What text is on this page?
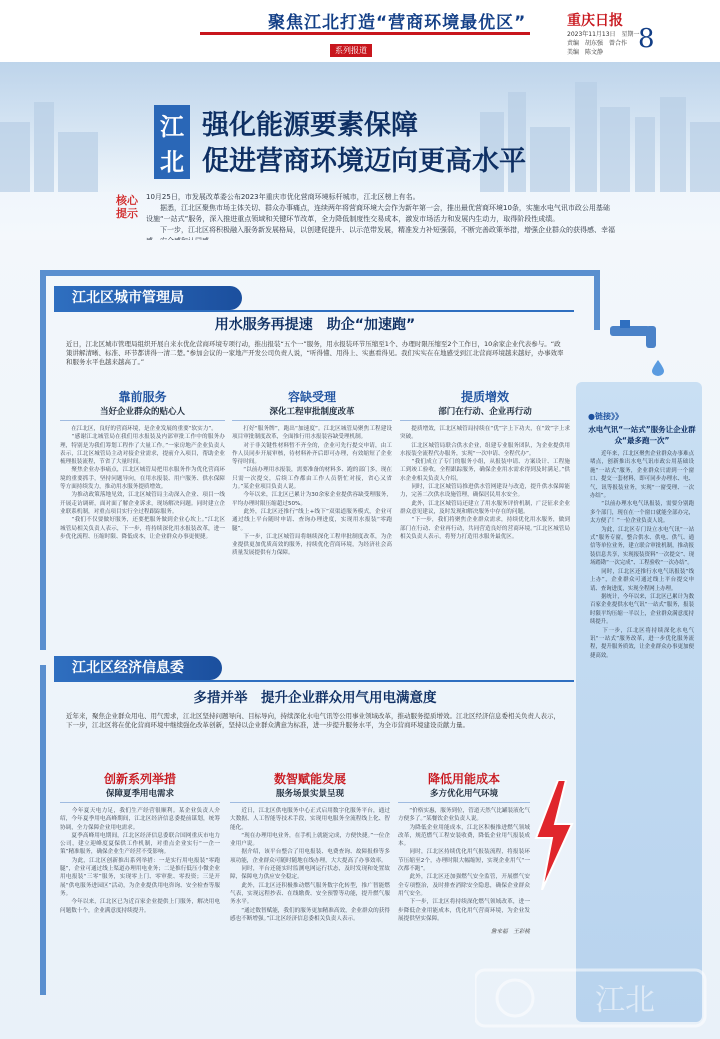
聚焦江北打造“营商环境最优区”
系列报道
重庆日报
2023年11月13日　星期一
责编　胡东强　曾合作
美编　陈文静	8
江
北
强化能源要素保障
促进营商环境迈向更高水平
核心提示
10月25日，市发展改革委公布2023年重庆市优化营商环境标杆城市，江北区榜上有名。
据悉，江北区聚焦市场主体关切、群众办事痛点，连续两年将营商环境大会作为新年第一会，推出最优营商环境10条，实施水电气讯市政公用基础设施“一站式”服务，深入推进重点领域和关键环节改革，全力降低制度性交易成本，激发市场活力和发展内生动力，取得阶段性成绩。
下一步，江北区将积极融入服务新发展格局，以创建促提升、以示范带发展，精准发力补短强弱，不断完善政策举措，增强企业群众的获得感、幸福
江北区城市管理局
用水服务再提速　助企“加速跑”
近日，江北区城市管理局组织开展自来水优化营商环境专项行动，推出报装“五个一”服务，用水报装环节压缩至1个、办理时限压缩至2个工作日，10余家企业代表参与。“政策讲解清晰、标准、环节都讲得一清二楚。”参加会议的一家地产开发公司负责人说，“听得懂、用得上、实惠看得见。我们实实在在地感受到江北营商环境越来越好，办事效率和服务水平也越来越高了。”
靠前服务
当好企业群众的贴心人
　　在江北区，良好的营商环境，是企业发展的重要“软实力”。
　　“感谢江北城管局在我们用水报装及内部审批工作中的服务办理，特别是为我们筹划工程作了大量工作。”一家房地产企业负责人表示，江北区城管局主动对接企业需求，提前介入项目，帮助企业梳理报装流程，节省了大量时间。
　　聚焦企业办事痛点，江北区城管局把用水服务作为优化营商环境的重要抓手，坚持问题导向，在用水报装、用户服务、供水保障等方面持续发力，推动用水服务提质增效。
　　为推动政策落地见效，江北区城管局主动深入企业、项目一线开展走访调研，面对面了解企业诉求，现场解决问题。同时建立企业联系机制，对重点项目实行全过程跟踪服务。
　　“我们不仅要做好服务，还要把服务做到企业心坎上。”江北区城管局相关负责人表示，下一步，将持续深化用水报装改革，进一步优化流程、压缩时限、降低成本，让企业群众办事更便捷。
容缺受理
深化工程审批制度改革
　　打好“服务牌”，跑出“加速度”。江北区城管局聚焦工程建设项目审批制度改革，全面推行用水报装容缺受理机制。
　　对于非关键性材料暂不齐全的，企业可先行提交申请，由工作人员同步开展审核，待材料补齐后即可办理，有效缩短了企业等待时间。
　　“以前办理用水报装，需要准备的材料多、跑的部门多，现在只需一次提交，后续工作都由工作人员帮忙对接，省心又省力。”某企业项目负责人说。
　　今年以来，江北区已累计为30余家企业提供容缺受理服务，平均办理时限压缩超过50%。
　　此外，江北区还推行“线上+线下”双渠道服务模式，企业可通过线上平台随时申请、查询办理进度，实现用水报装“零跑腿”。
　　下一步，江北区城管局将继续深化工程审批制度改革，为企业提供更加优质高效的服务，持续优化营商环境，为经济社会高质量发展提供有力保障。
提质增效
部门在行动、企业再行动
　　提质增效，江北区城管局持续在“优”字上下功夫，在“效”字上求突破。
　　江北区城管局联合供水企业，组建专业服务团队，为企业提供用水报装全流程代办服务，实现“一次申请、全程代办”。
　　“我们成立了专门的服务小组，从报装申请、方案设计、工程施工到竣工验收，全程跟踪服务，确保企业用水需求得到及时满足。”供水企业相关负责人介绍。
　　同时，江北区城管局推进供水管网建设与改造，提升供水保障能力，完善二次供水设施管理，确保居民用水安全。
　　此外，江北区城管局还建立了用水服务评价机制，广泛征求企业群众意见建议，及时发现和解决服务中存在的问题。
　　“下一步，我们将聚焦企业群众需求，持续优化用水服务，做到部门在行动、企业再行动，共同营造良好的营商环境。”江北区城管局相关负责人表示，将努力打造用水服务最优区。
江北区经济信息委
多措并举　提升企业群众用气用电满意度
近年来，聚焦企业群众用电、用气需求，江北区坚持问题导向、目标导向，持续深化水电气讯等公用事业领域改革，推动服务提质增效。江北区经济信息委相关负责人表示，下一步，江北区将在优化营商环境中继续强化改革创新，坚持以企业群众满意为标准，进一步提升服务水平，为全市营商环境建设贡献力量。
创新系列举措
保障夏季用电需求
　　今年夏天电力足，我们生产经营很顺利。某企业负责人介绍，今年夏季用电高峰期间，江北区经济信息委提前谋划，统筹协调，全力保障企业用电需求。
　　夏季高峰用电期间，江北区经济信息委联合国网重庆市电力公司，建立迎峰度夏保供工作机制，对重点企业实行“一企一策”精准服务，确保企业生产经营不受影响。
　　为此，江北区创新推出系列举措：一是实行用电报装“零跑腿”，企业可通过线上渠道办理用电业务；二是推行低压小微企业用电报装“三零”服务，实现零上门、零审批、零投资；三是开展“供电服务进园区”活动，为企业提供用电咨询、安全检查等服务。
　　今年以来，江北区已为近百家企业提供上门服务，解决用电问题数十个，企业满意度持续提升。
数智赋能发展
服务场景实景呈现
　　近日，江北区供电服务中心正式启用数字化服务平台，通过大数据、人工智能等技术手段，实现用电服务全流程线上化、智能化。
　　“现在办理用电业务，在手机上就能完成，方便快捷。”一位企业用户说。
　　据介绍，该平台整合了用电报装、电费查询、故障报修等多项功能，企业群众可随时随地在线办理，大大提高了办事效率。
　　同时，平台还能实时监测电网运行状态，及时发现和处置故障，保障电力供应安全稳定。
　　此外，江北区还积极推动燃气服务数字化转型，推广智能燃气表，实现远程抄表、在线缴费、安全预警等功能，提升燃气服务水平。
　　“通过数智赋能，我们的服务更加精准高效，企业群众的获得感也不断增强。”江北区经济信息委相关负责人表示。
降低用能成本
多方优化用气环境
　　“价格实惠，服务到位，管道天然气比罐装液化气方便多了。”某餐饮企业负责人说。
　　为降低企业用能成本，江北区积极推进燃气领域改革，规范燃气工程安装收费，降低企业用气报装成本。
　　同时，江北区持续优化用气报装流程，将报装环节压缩至2个，办理时限大幅缩短，实现企业用气“一次都不跑”。
　　此外，江北区还加强燃气安全监管，开展燃气安全专项整治，及时排查消除安全隐患，确保企业群众用气安全。
　　下一步，江北区将持续深化燃气领域改革，进一步降低企业用能成本，优化用气营商环境，为企业发展提供坚实保障。
詹来福　王彩桃
●链接》》
水电气讯“一站式”服务让企业群众“最多跑一次”
　　近年来，江北区聚焦企业群众办事难点堵点，创新推出水电气讯市政公用基础设施“一站式”服务，企业群众只需到一个窗口、提交一套材料，即可同步办理水、电、气、讯等报装业务，实现“一窗受理、一次办结”。
　　“以前办理水电气讯报装，需要分别跑多个部门，现在在一个窗口就能全部办完，太方便了！”一位企业负责人说。
　　为此，江北区专门设立水电气讯“一站式”服务专窗，整合供水、供电、供气、通信等单位业务，建立联合审批机制，推动报装信息共享，实现报装资料“一次提交”、现场踏勘“一次完成”、工程验收“一次办结”。
　　同时，江北区还推行水电气讯报装“线上办”，企业群众可通过线上平台提交申请、查询进度，实现全程网上办理。
　　据统计，今年以来，江北区已累计为数百家企业提供水电气讯“一站式”服务，报装时限平均压缩一半以上，企业群众满意度持续提升。
　　下一步，江北区将持续深化水电气讯“一站式”服务改革，进一步优化服务流程，提升服务质效，让企业群众办事更加便捷高效。
江北
